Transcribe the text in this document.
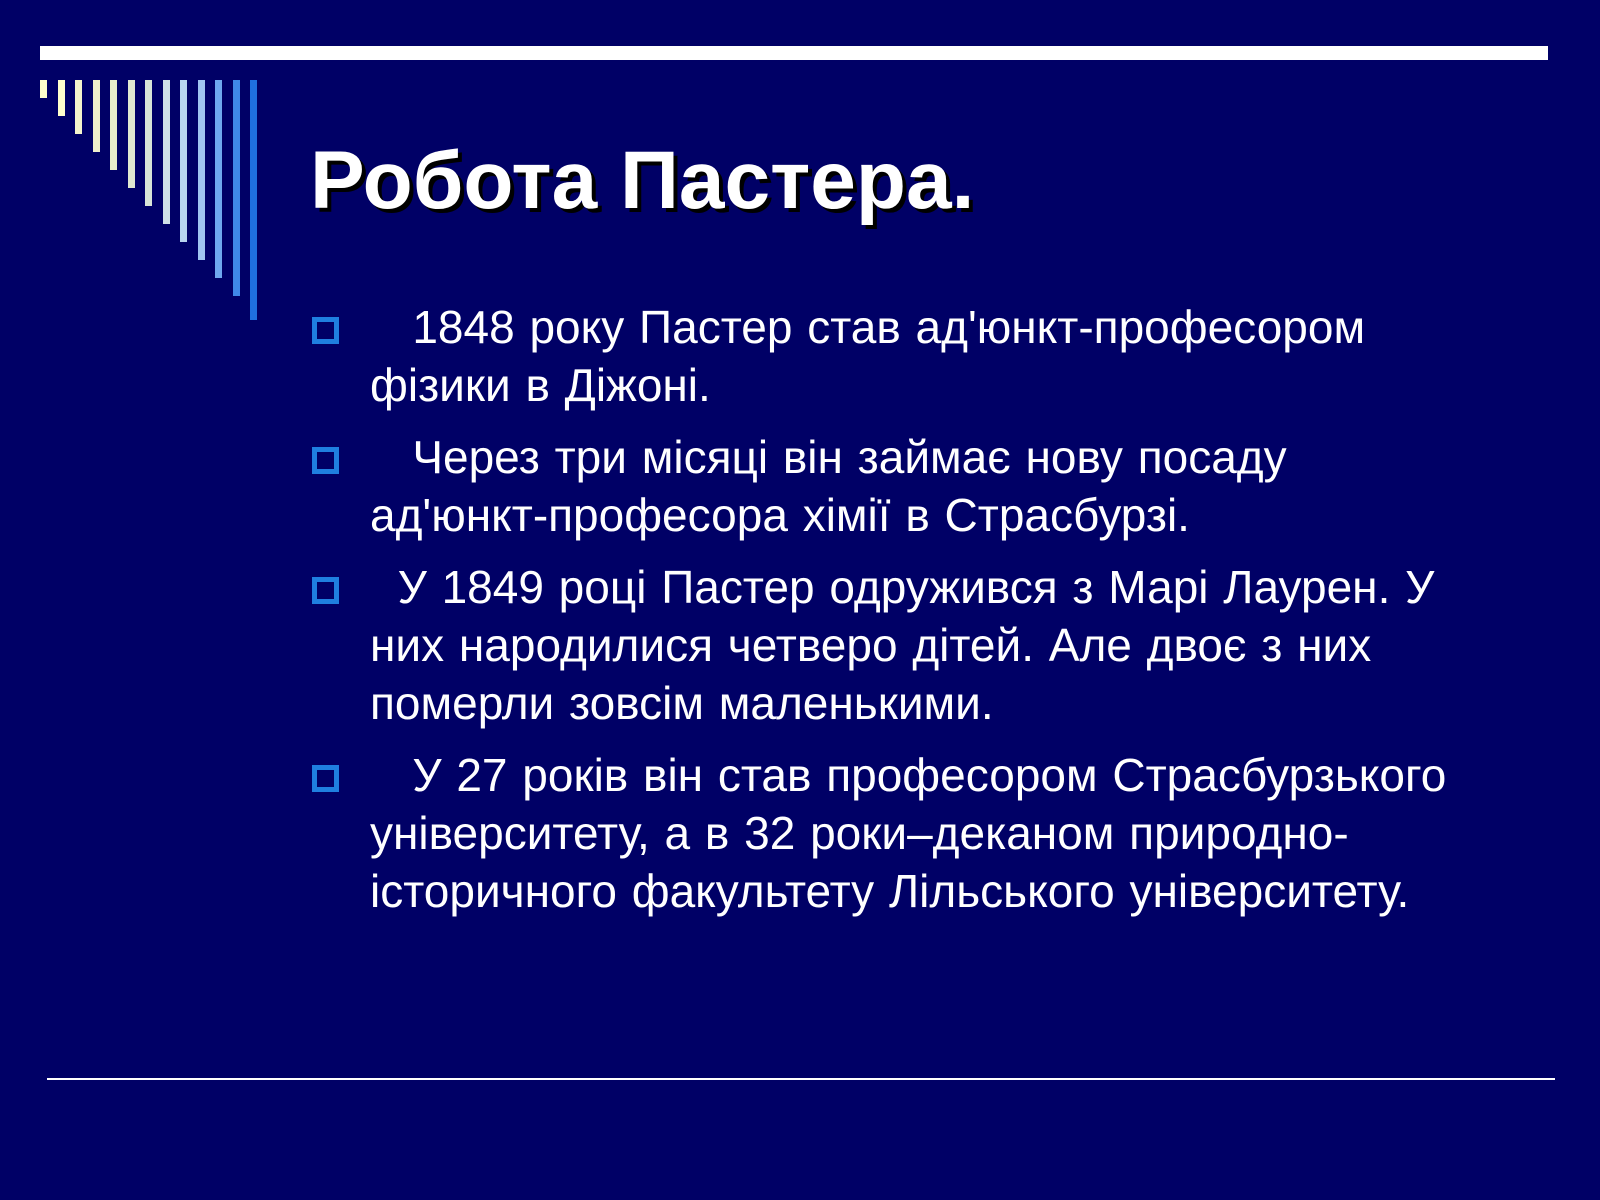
Робота Пастера.
1848 року Пастер став ад'юнкт-професором фізики в Діжоні.
Через три місяці він займає нову посаду ад'юнкт-професора хімії в Страсбурзі.
У 1849 році Пастер одружився з Марі Лаурен. У них народилися четверо дітей. Але двоє з них померли зовсім маленькими.
У 27 років він став професором Страсбурзького університету, а в 32 роки–деканом природно-історичного факультету Лільського університету.
